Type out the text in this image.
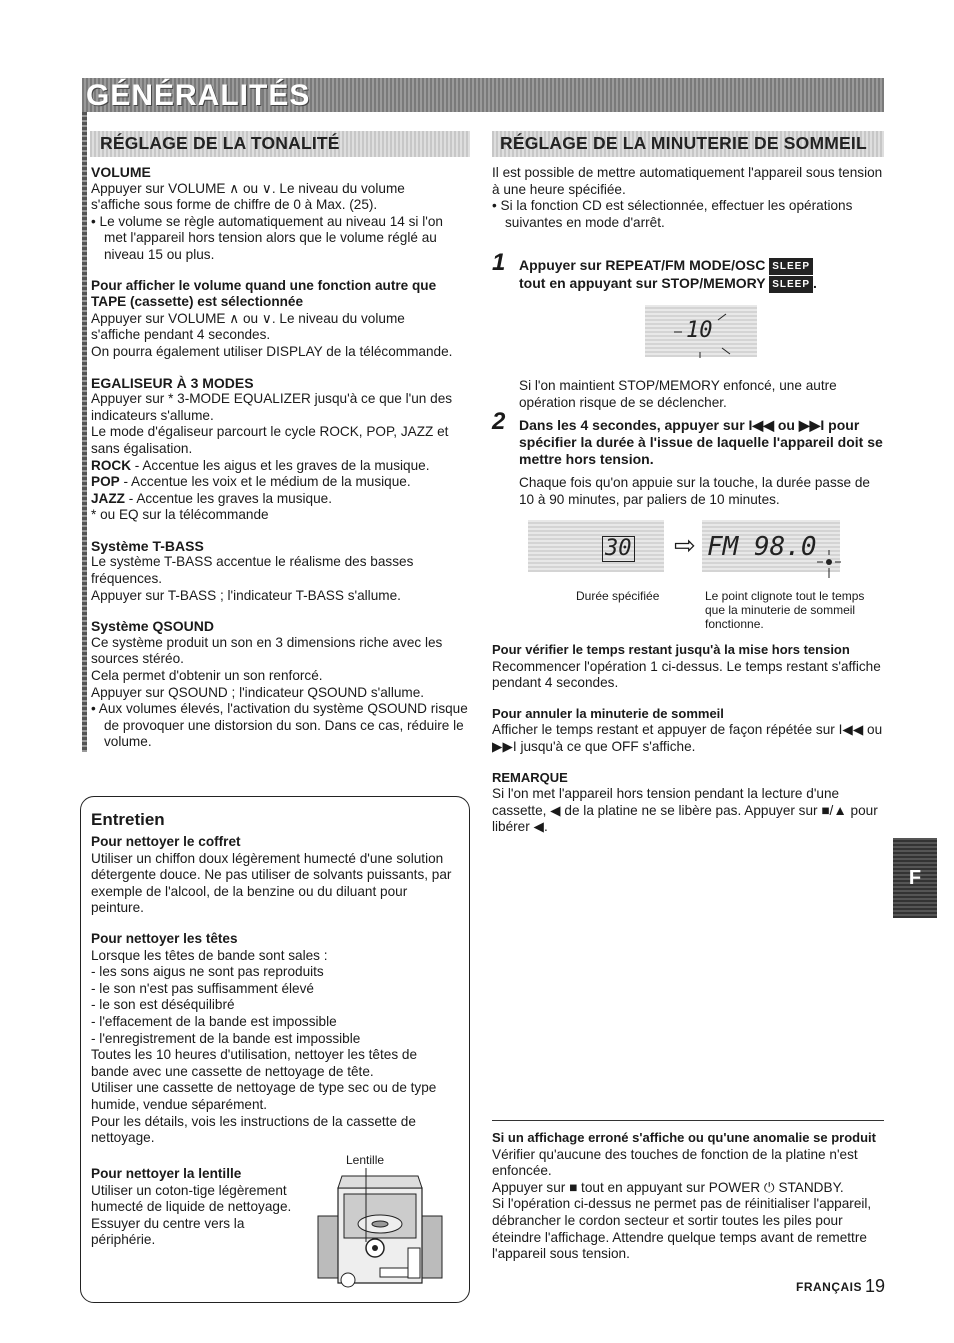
GÉNÉRALITÉS
RÉGLAGE DE LA TONALITÉ

VOLUME

Appuyer sur VOLUME ∧ ou ∨. Le niveau du volume

s'affiche sous forme de chiffre de 0 à Max. (25).

• Le volume se règle automatiquement au niveau 14 si l'on met l'appareil hors tension alors que le volume réglé au niveau 15 ou plus.

Pour afficher le volume quand une fonction autre que TAPE (cassette) est sélectionnée

Appuyer sur VOLUME ∧ ou ∨. Le niveau du volume

s'affiche pendant 4 secondes.

On pourra également utiliser DISPLAY de la télécommande.

EGALISEUR À 3 MODES

Appuyer sur * 3-MODE EQUALIZER jusqu'à ce que l'un des indicateurs s'allume.

Le mode d'égaliseur parcourt le cycle ROCK, POP, JAZZ et sans égalisation.

ROCK - Accentue les aigus et les graves de la musique.

POP - Accentue les voix et le médium de la musique.

JAZZ - Accentue les graves la musique.

* ou EQ sur la télécommande

Système T-BASS

Le système T-BASS accentue le réalisme des basses fréquences.

Appuyer sur T-BASS ; l'indicateur T-BASS s'allume.

Système QSOUND

Ce système produit un son en 3 dimensions riche avec les sources stéréo.

Cela permet d'obtenir un son renforcé.

Appuyer sur QSOUND ; l'indicateur QSOUND s'allume.

• Aux volumes élevés, l'activation du système QSOUND risque de provoquer une distorsion du son. Dans ce cas, réduire le volume.

Entretien

Pour nettoyer le coffret

Utiliser un chiffon doux légèrement humecté d'une solution détergente douce. Ne pas utiliser de solvants puissants, par exemple de l'alcool, de la benzine ou du diluant pour peinture.

Pour nettoyer les têtes

Lorsque les têtes de bande sont sales :

- les sons aigus ne sont pas reproduits

- le son n'est pas suffisamment élevé

- le son est déséquilibré

- l'effacement de la bande est impossible

- l'enregistrement de la bande est impossible

Toutes les 10 heures d'utilisation, nettoyer les têtes de bande avec une cassette de nettoyage de tête.

Utiliser une cassette de nettoyage de type sec ou de type humide, vendue séparément.

Pour les détails, vois les instructions de la cassette de nettoyage.

Pour nettoyer la lentille

Utiliser un coton-tige légèrement humecté de liquide de nettoyage. Essuyer du centre vers la périphérie.

Lentille
RÉGLAGE DE LA MINUTERIE DE SOMMEIL

Il est possible de mettre automatiquement l'appareil sous tension à une heure spécifiée.

• Si la fonction CD est sélectionnée, effectuer les opérations suivantes en mode d'arrêt.

1 Appuyer sur REPEAT/FM MODE/OSC SLEEP
tout en appuyant sur STOP/MEMORY SLEEP .
10
Si l'on maintient STOP/MEMORY enfoncé, une autre opération risque de se déclencher.
2 Dans les 4 secondes, appuyer sur I◀◀ ou ▶▶I pour spécifier la durée à l'issue de laquelle l'appareil doit se mettre hors tension.
Chaque fois qu'on appuie sur la touche, la durée passe de 10 à 90 minutes, par paliers de 10 minutes.
30 ⇨ FM 98.0
Durée spécifiée	Le point clignote tout le temps que la minuterie de sommeil fonctionne.

Pour vérifier le temps restant jusqu'à la mise hors tension

Recommencer l'opération 1 ci-dessus. Le temps restant s'affiche pendant 4 secondes.

Pour annuler la minuterie de sommeil

Afficher le temps restant et appuyer de façon répétée sur I◀◀ ou ▶▶I jusqu'à ce que OFF s'affiche.

REMARQUE

Si l'on met l'appareil hors tension pendant la lecture d'une cassette, ◀ de la platine ne se libère pas. Appuyer sur ■/▲ pour libérer ◀.

F

Si un affichage erroné s'affiche ou qu'une anomalie se produit

Vérifier qu'aucune des touches de fonction de la platine n'est enfoncée.

Appuyer sur ■ tout en appuyant sur POWER ⏻ STANDBY.

Si l'opération ci-dessus ne permet pas de réinitialiser l'appareil, débrancher le cordon secteur et sortir toutes les piles pour éteindre l'affichage. Attendre quelque temps avant de remettre l'appareil sous tension.

FRANÇAIS 19
